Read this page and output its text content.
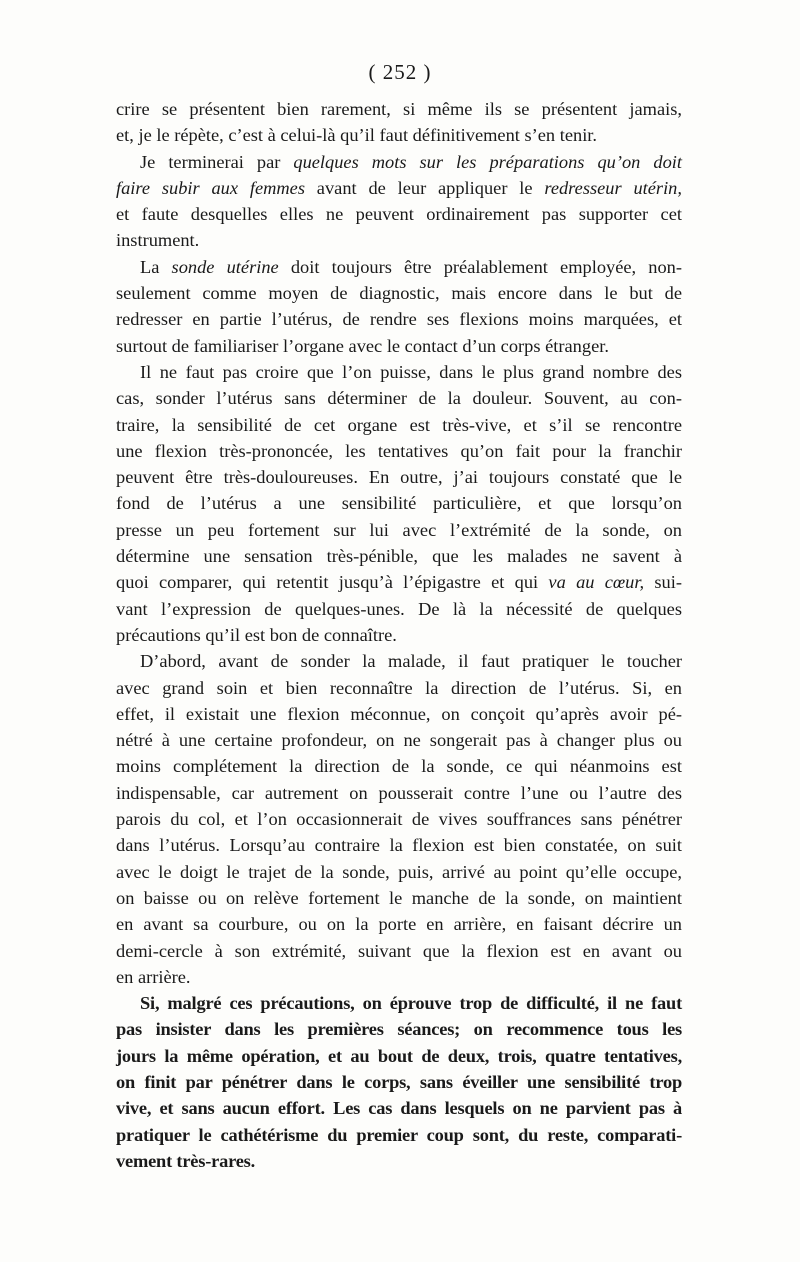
( 252 )
crire se présentent bien rarement, si même ils se présentent jamais,
et, je le répète, c’est à celui-là qu’il faut définitivement s’en tenir.
Je terminerai par quelques mots sur les préparations qu’on doit
faire subir aux femmes avant de leur appliquer le redresseur utérin,
et faute desquelles elles ne peuvent ordinairement pas supporter cet
instrument.
La sonde utérine doit toujours être préalablement employée, non-
seulement comme moyen de diagnostic, mais encore dans le but de
redresser en partie l’utérus, de rendre ses flexions moins marquées, et
surtout de familiariser l’organe avec le contact d’un corps étranger.
Il ne faut pas croire que l’on puisse, dans le plus grand nombre des
cas, sonder l’utérus sans déterminer de la douleur. Souvent, au con-
traire, la sensibilité de cet organe est très-vive, et s’il se rencontre
une flexion très-prononcée, les tentatives qu’on fait pour la franchir
peuvent être très-douloureuses. En outre, j’ai toujours constaté que le
fond de l’utérus a une sensibilité particulière, et que lorsqu’on
presse un peu fortement sur lui avec l’extrémité de la sonde, on
détermine une sensation très-pénible, que les malades ne savent à
quoi comparer, qui retentit jusqu’à l’épigastre et qui va au cœur, sui-
vant l’expression de quelques-unes. De là la nécessité de quelques
précautions qu’il est bon de connaître.
D’abord, avant de sonder la malade, il faut pratiquer le toucher
avec grand soin et bien reconnaître la direction de l’utérus. Si, en
effet, il existait une flexion méconnue, on conçoit qu’après avoir pé-
nétré à une certaine profondeur, on ne songerait pas à changer plus ou
moins complétement la direction de la sonde, ce qui néanmoins est
indispensable, car autrement on pousserait contre l’une ou l’autre des
parois du col, et l’on occasionnerait de vives souffrances sans pénétrer
dans l’utérus. Lorsqu’au contraire la flexion est bien constatée, on suit
avec le doigt le trajet de la sonde, puis, arrivé au point qu’elle occupe,
on baisse ou on relève fortement le manche de la sonde, on maintient
en avant sa courbure, ou on la porte en arrière, en faisant décrire un
demi-cercle à son extrémité, suivant que la flexion est en avant ou
en arrière.
Si, malgré ces précautions, on éprouve trop de difficulté, il ne faut
pas insister dans les premières séances; on recommence tous les
jours la même opération, et au bout de deux, trois, quatre tentatives,
on finit par pénétrer dans le corps, sans éveiller une sensibilité trop
vive, et sans aucun effort. Les cas dans lesquels on ne parvient pas à
pratiquer le cathétérisme du premier coup sont, du reste, comparati-
vement très-rares.
